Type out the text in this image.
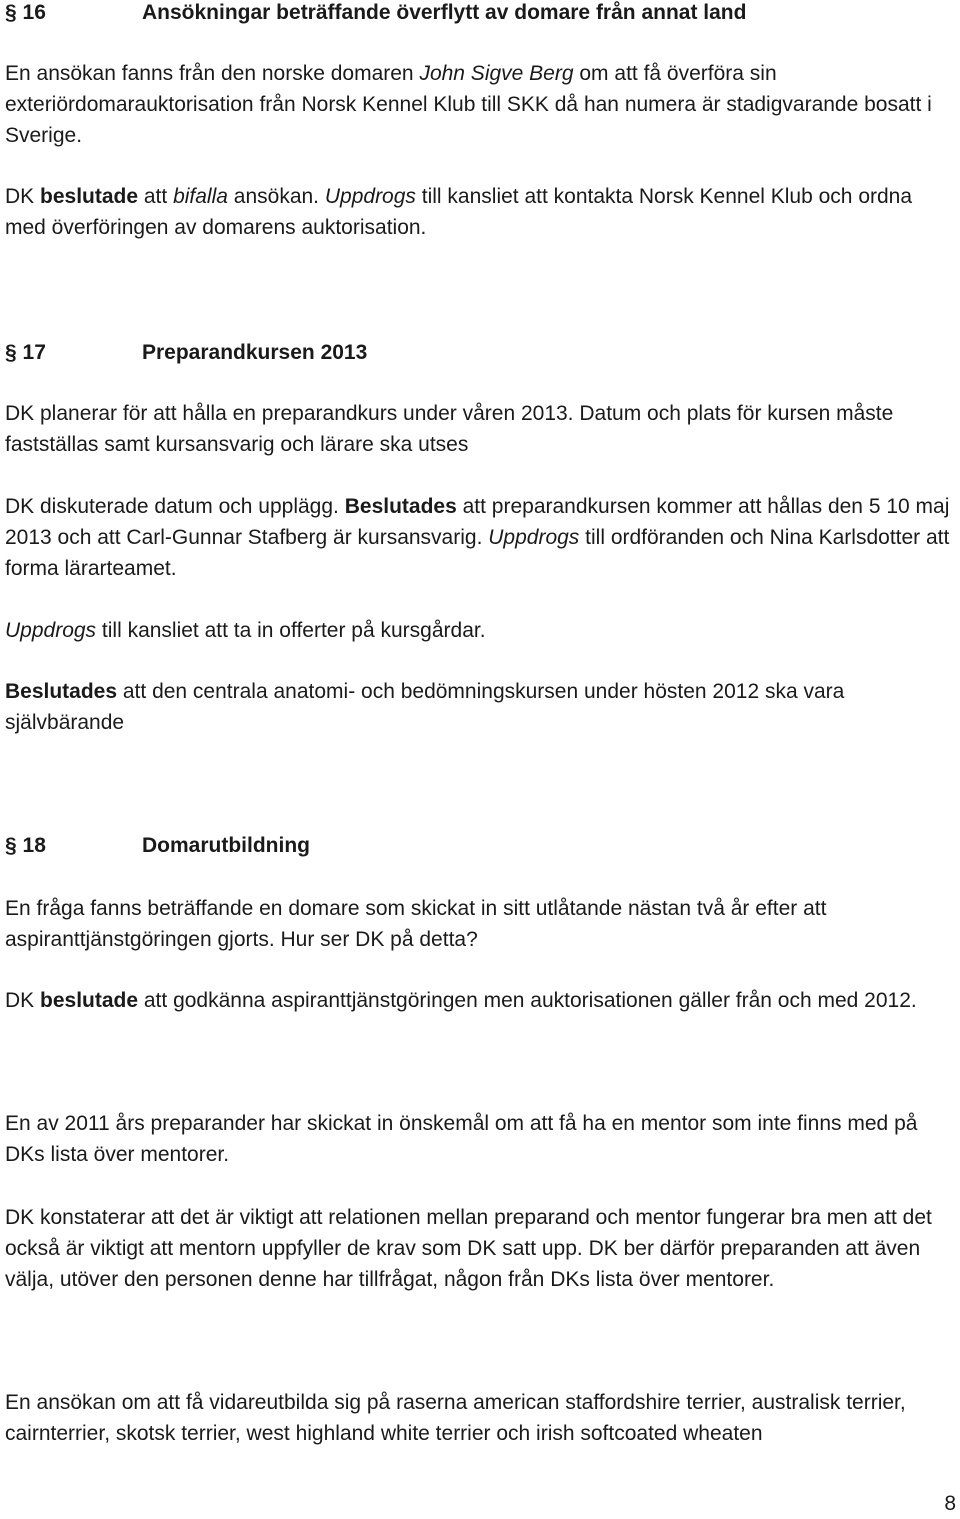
§ 16	Ansökningar beträffande överflytt av domare från annat land

En ansökan fanns från den norske domaren John Sigve Berg om att få överföra sin exteriördomarauktorisation från Norsk Kennel Klub till SKK då han numera är stadigvarande bosatt i Sverige.

DK beslutade att bifalla ansökan. Uppdrogs till kansliet att kontakta Norsk Kennel Klub och ordna med överföringen av domarens auktorisation.

§ 17	Preparandkursen 2013

DK planerar för att hålla en preparandkurs under våren 2013. Datum och plats för kursen måste fastställas samt kursansvarig och lärare ska utses

DK diskuterade datum och upplägg. Beslutades att preparandkursen kommer att hållas den 5 10 maj 2013 och att Carl-Gunnar Stafberg är kursansvarig. Uppdrogs till ordföranden och Nina Karlsdotter att forma lärarteamet.

Uppdrogs till kansliet att ta in offerter på kursgårdar.

Beslutades att den centrala anatomi- och bedömningskursen under hösten 2012 ska vara självbärande

§ 18	Domarutbildning

En fråga fanns beträffande en domare som skickat in sitt utlåtande nästan två år efter att aspiranttjänstgöringen gjorts. Hur ser DK på detta?

DK beslutade att godkänna aspiranttjänstgöringen men auktorisationen gäller från och med 2012.

En av 2011 års preparander har skickat in önskemål om att få ha en mentor som inte finns med på DKs lista över mentorer.

DK konstaterar att det är viktigt att relationen mellan preparand och mentor fungerar bra men att det också är viktigt att mentorn uppfyller de krav som DK satt upp. DK ber därför preparanden att även välja, utöver den personen denne har tillfrågat, någon från DKs lista över mentorer.

En ansökan om att få vidareutbilda sig på raserna american staffordshire terrier, australisk terrier, cairnterrier, skotsk terrier, west highland white terrier och irish softcoated wheaten

8
